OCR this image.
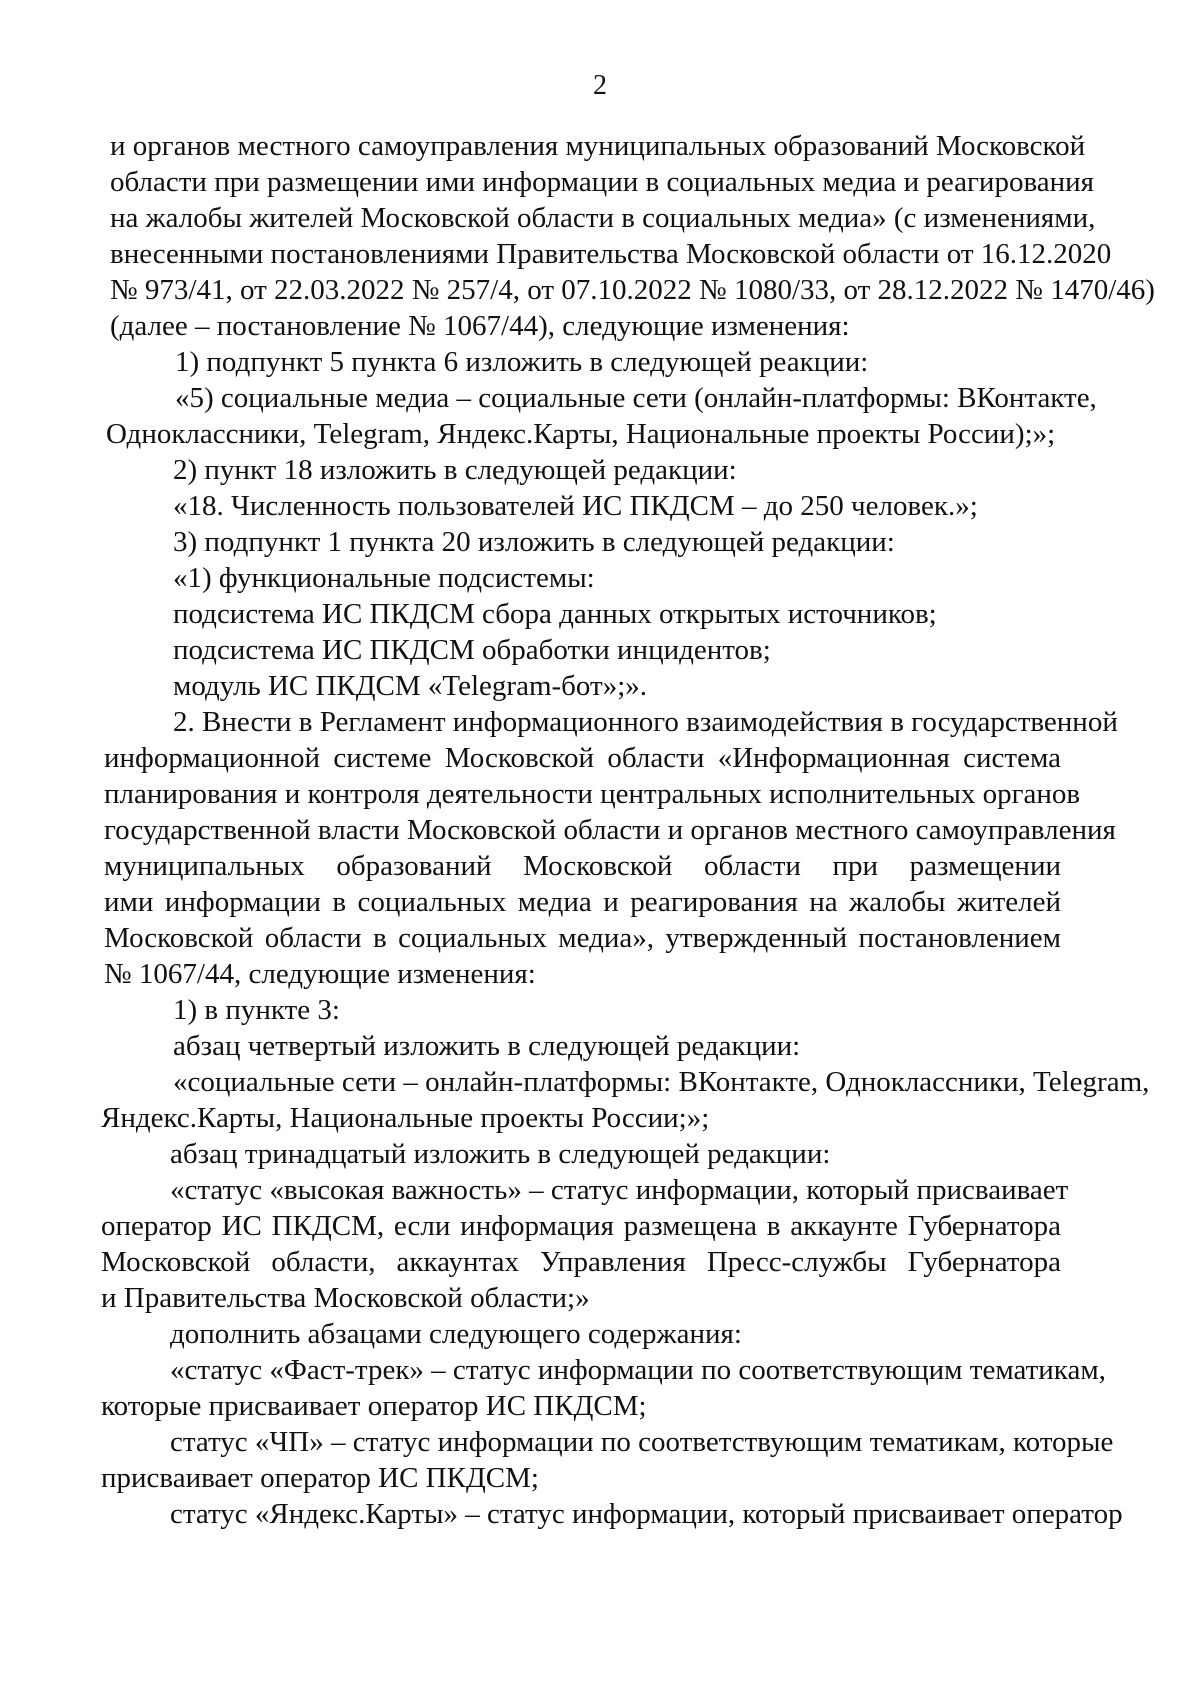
2
и органов местного самоуправления муниципальных образований Московской
области при размещении ими информации в социальных медиа и реагирования
на жалобы жителей Московской области в социальных медиа» (с изменениями,
внесенными постановлениями Правительства Московской области от 16.12.2020
№ 973/41, от 22.03.2022 № 257/4, от 07.10.2022 № 1080/33, от 28.12.2022 № 1470/46)
(далее – постановление № 1067/44), следующие изменения:
1) подпункт 5 пункта 6 изложить в следующей реакции:
«5) социальные медиа – социальные сети (онлайн-платформы: ВКонтакте,
Одноклассники, Telegram, Яндекс.Карты, Национальные проекты России);»;
2) пункт 18 изложить в следующей редакции:
«18. Численность пользователей ИС ПКДСМ – до 250 человек.»;
3) подпункт 1 пункта 20 изложить в следующей редакции:
«1) функциональные подсистемы:
подсистема ИС ПКДСМ сбора данных открытых источников;
подсистема ИС ПКДСМ обработки инцидентов;
модуль ИС ПКДСМ «Telegram-бот»;».
2. Внести в Регламент информационного взаимодействия в государственной
информационной системе Московской области «Информационная система
планирования и контроля деятельности центральных исполнительных органов
государственной власти Московской области и органов местного самоуправления
муниципальных образований Московской области при размещении
ими информации в социальных медиа и реагирования на жалобы жителей
Московской области в социальных медиа», утвержденный постановлением
№ 1067/44, следующие изменения:
1) в пункте 3:
абзац четвертый изложить в следующей редакции:
«социальные сети – онлайн-платформы: ВКонтакте, Одноклассники, Telegram,
Яндекс.Карты, Национальные проекты России;»;
абзац тринадцатый изложить в следующей редакции:
«статус «высокая важность» – статус информации, который присваивает
оператор ИС ПКДСМ, если информация размещена в аккаунте Губернатора
Московской области, аккаунтах Управления Пресс-службы Губернатора
и Правительства Московской области;»
дополнить абзацами следующего содержания:
«статус «Фаст-трек» – статус информации по соответствующим тематикам,
которые присваивает оператор ИС ПКДСМ;
статус «ЧП» – статус информации по соответствующим тематикам, которые
присваивает оператор ИС ПКДСМ;
статус «Яндекс.Карты» – статус информации, который присваивает оператор
